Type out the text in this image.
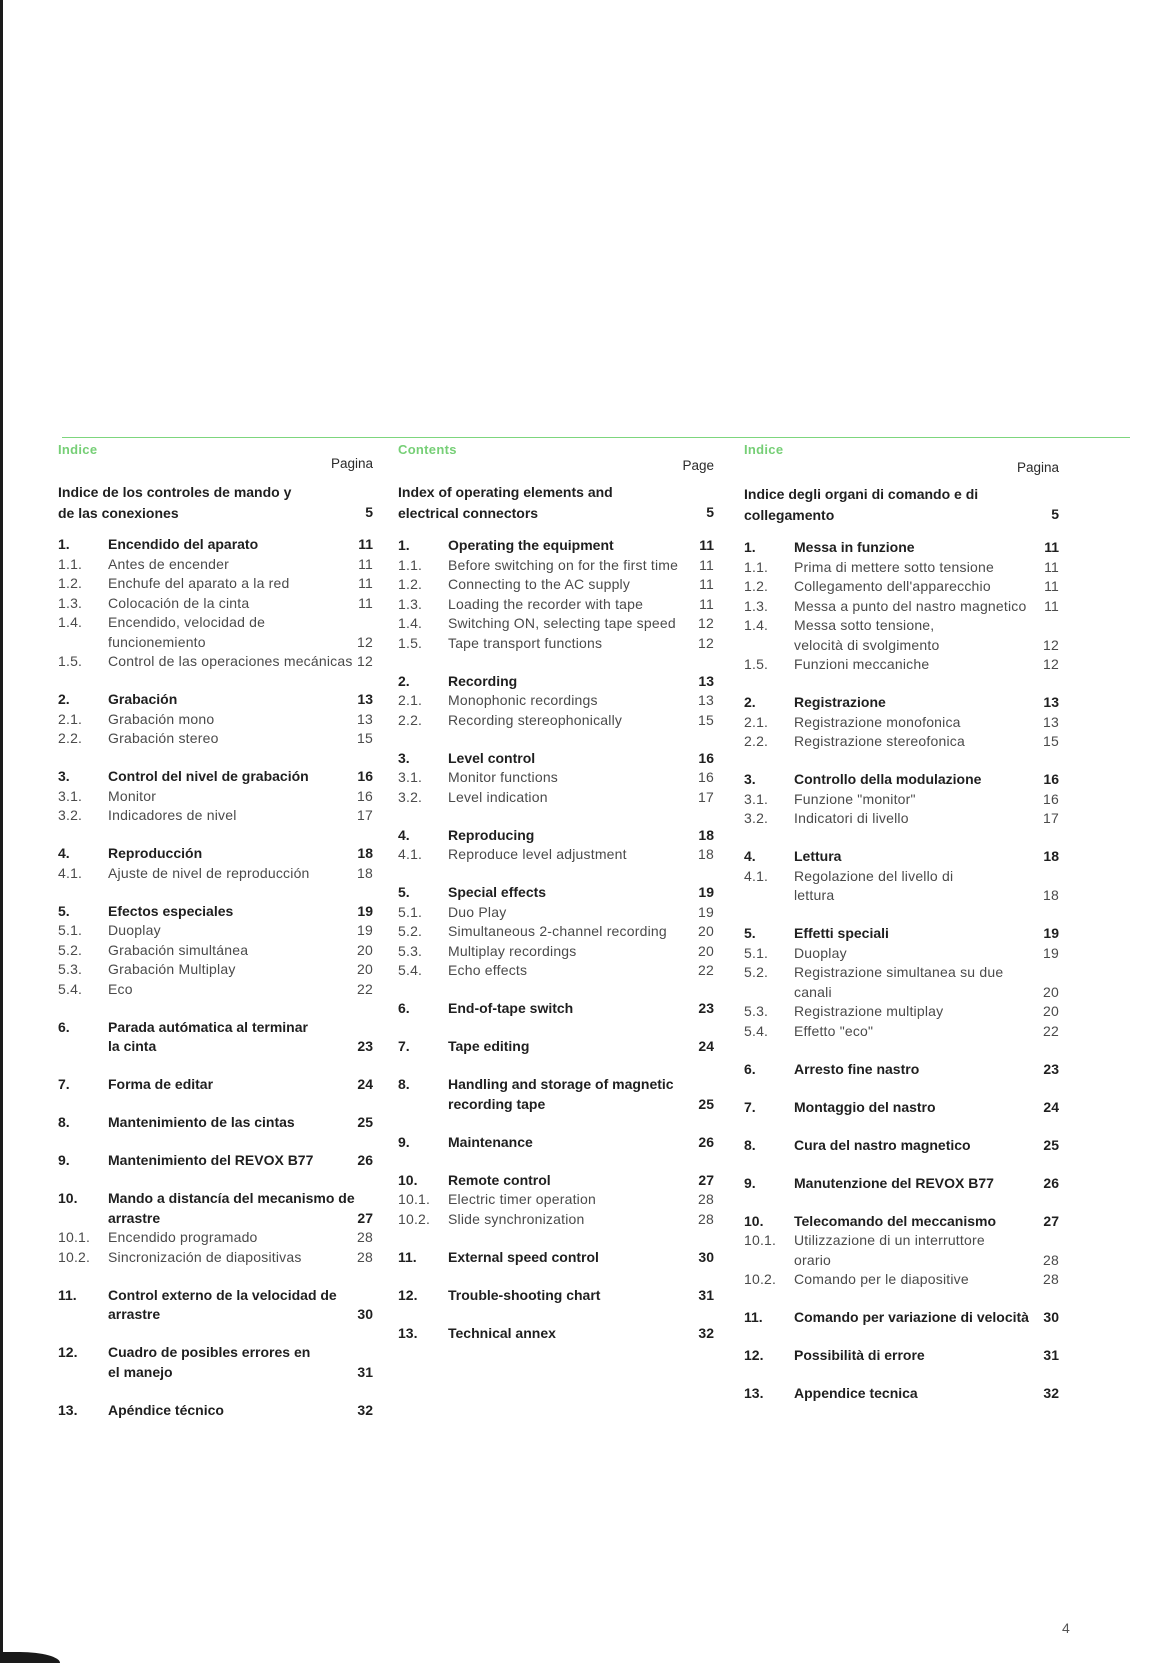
Indice
Pagina
Indice de los controles de mando y
de las conexiones	5
1.	Encendido del aparato	11
1.1.	Antes de encender	11
1.2.	Enchufe del aparato a la red	11
1.3.	Colocación de la cinta	11
1.4.	Encendido, velocidad de
funcionemiento	12
1.5.	Control de las operaciones mecánicas 12
2.	Grabación	13
2.1.	Grabación mono	13
2.2.	Grabación stereo	15
3.	Control del nivel de grabación	16
3.1.	Monitor	16
3.2.	Indicadores de nivel	17
4.	Reproducción	18
4.1.	Ajuste de nivel de reproducción	18
5.	Efectos especiales	19
5.1.	Duoplay	19
5.2.	Grabación simultánea	20
5.3.	Grabación Multiplay	20
5.4.	Eco	22
6.	Parada autómatica al terminar
la cinta	23
7.	Forma de editar	24
8.	Mantenimiento de las cintas	25
9.	Mantenimiento del REVOX B77	26
10.	Mando a distancía del mecanismo de
arrastre	27
10.1.	Encendido programado	28
10.2.	Sincronización de diapositivas	28
11.	Control externo de la velocidad de
arrastre	30
12.	Cuadro de posibles errores en
el manejo	31
13.	Apéndice técnico	32
Contents
Page
Index of operating elements and
electrical connectors	5
1.	Operating the equipment	11
1.1.	Before switching on for the first time	11
1.2.	Connecting to the AC supply	11
1.3.	Loading the recorder with tape	11
1.4.	Switching ON, selecting tape speed	12
1.5.	Tape transport functions	12
2.	Recording	13
2.1.	Monophonic recordings	13
2.2.	Recording stereophonically	15
3.	Level control	16
3.1.	Monitor functions	16
3.2.	Level indication	17
4.	Reproducing	18
4.1.	Reproduce level adjustment	18
5.	Special effects	19
5.1.	Duo Play	19
5.2.	Simultaneous 2-channel recording	20
5.3.	Multiplay recordings	20
5.4.	Echo effects	22
6.	End-of-tape switch	23
7.	Tape editing	24
8.	Handling and storage of magnetic
recording tape	25
9.	Maintenance	26
10.	Remote control	27
10.1.	Electric timer operation	28
10.2.	Slide synchronization	28
11.	External speed control	30
12.	Trouble-shooting chart	31
13.	Technical annex	32
Indice
Pagina
Indice degli organi di comando e di
collegamento	5
1.	Messa in funzione	11
1.1.	Prima di mettere sotto tensione	11
1.2.	Collegamento dell'apparecchio	11
1.3.	Messa a punto del nastro magnetico	11
1.4.	Messa sotto tensione,
velocità di svolgimento	12
1.5.	Funzioni meccaniche	12
2.	Registrazione	13
2.1.	Registrazione monofonica	13
2.2.	Registrazione stereofonica	15
3.	Controllo della modulazione	16
3.1.	Funzione "monitor"	16
3.2.	Indicatori di livello	17
4.	Lettura	18
4.1.	Regolazione del livello di
lettura	18
5.	Effetti speciali	19
5.1.	Duoplay	19
5.2.	Registrazione simultanea su due
canali	20
5.3.	Registrazione multiplay	20
5.4.	Effetto "eco"	22
6.	Arresto fine nastro	23
7.	Montaggio del nastro	24
8.	Cura del nastro magnetico	25
9.	Manutenzione del REVOX B77	26
10.	Telecomando del meccanismo	27
10.1.	Utilizzazione di un interruttore
orario	28
10.2.	Comando per le diapositive	28
11.	Comando per variazione di velocità	30
12.	Possibilità di errore	31
13.	Appendice tecnica	32
4
